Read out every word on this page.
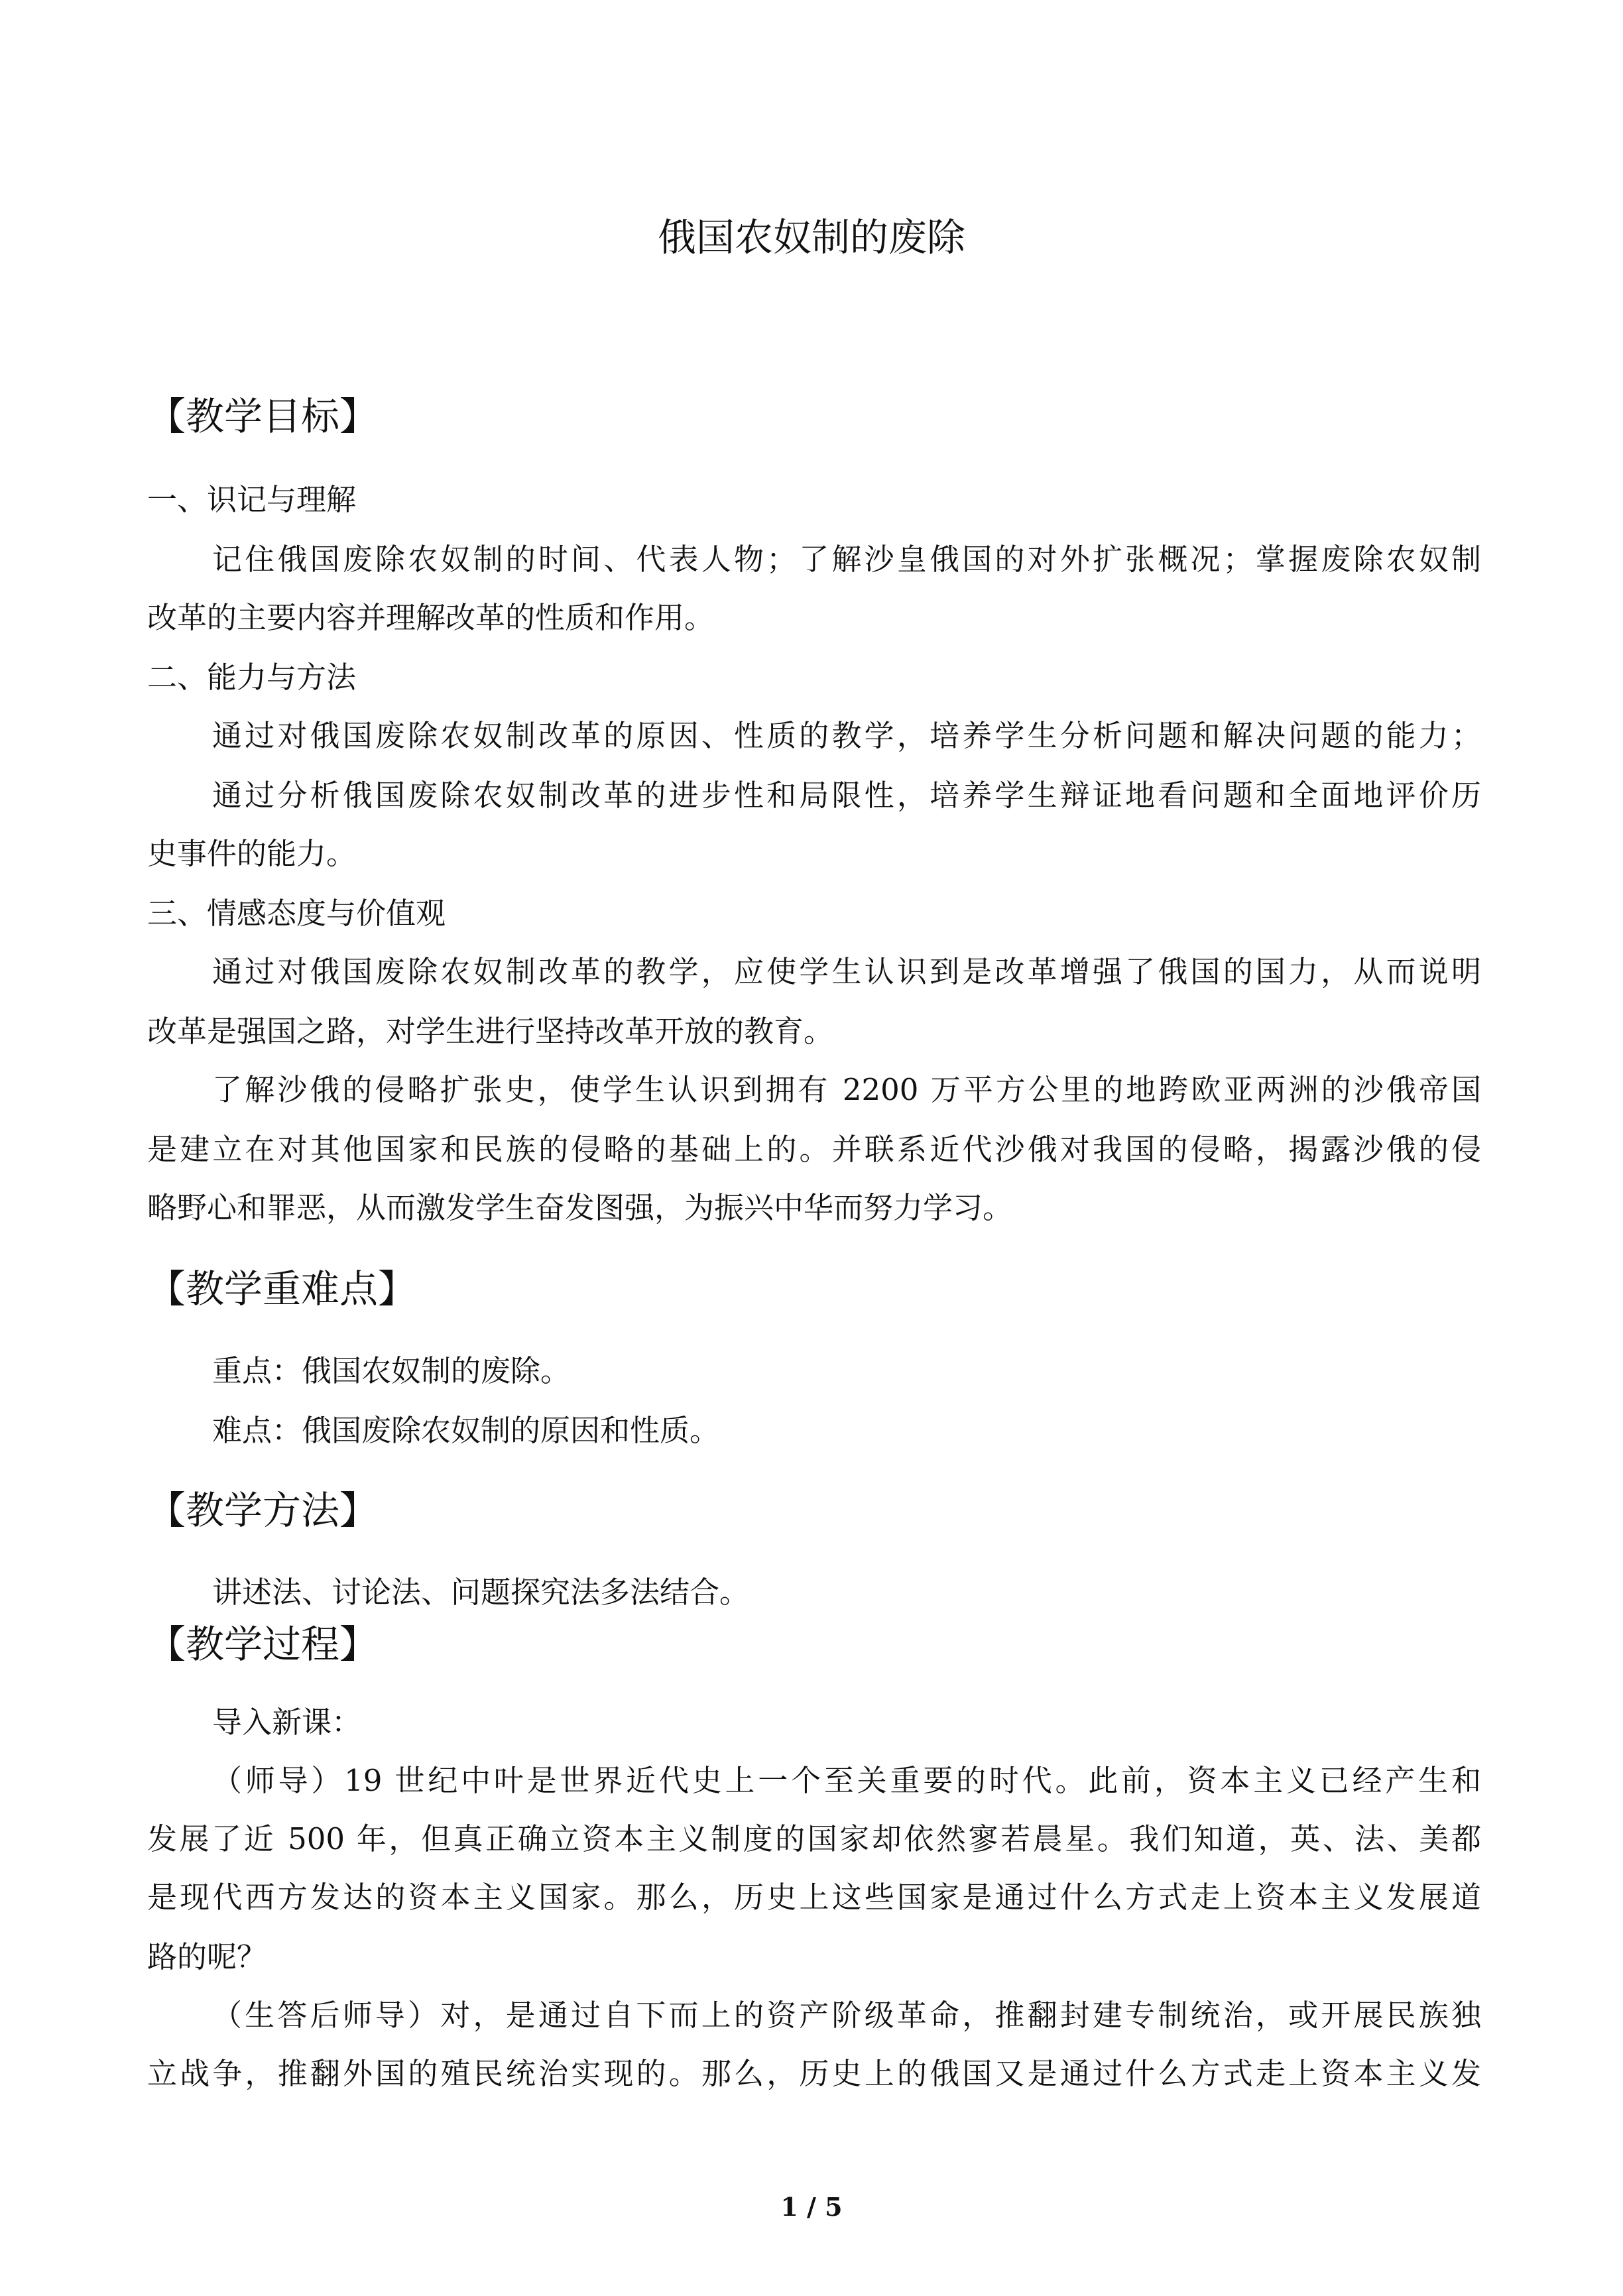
俄国农奴制的废除
【教学目标】

一、识记与理解

记住俄国废除农奴制的时间、代表人物；了解沙皇俄国的对外扩张概况；掌握废除农奴制

改革的主要内容并理解改革的性质和作用。

二、能力与方法

通过对俄国废除农奴制改革的原因、性质的教学，培养学生分析问题和解决问题的能力；

通过分析俄国废除农奴制改革的进步性和局限性，培养学生辩证地看问题和全面地评价历

史事件的能力。

三、情感态度与价值观

通过对俄国废除农奴制改革的教学，应使学生认识到是改革增强了俄国的国力，从而说明

改革是强国之路，对学生进行坚持改革开放的教育。

了解沙俄的侵略扩张史，使学生认识到拥有 2200 万平方公里的地跨欧亚两洲的沙俄帝国

是建立在对其他国家和民族的侵略的基础上的。并联系近代沙俄对我国的侵略，揭露沙俄的侵

略野心和罪恶，从而激发学生奋发图强，为振兴中华而努力学习。

【教学重难点】

重点：俄国农奴制的废除。

难点：俄国废除农奴制的原因和性质。

【教学方法】

讲述法、讨论法、问题探究法多法结合。

【教学过程】

导入新课：

（师导）19 世纪中叶是世界近代史上一个至关重要的时代。此前，资本主义已经产生和

发展了近 500 年，但真正确立资本主义制度的国家却依然寥若晨星。我们知道，英、法、美都

是现代西方发达的资本主义国家。那么，历史上这些国家是通过什么方式走上资本主义发展道

路的呢？

（生答后师导）对，是通过自下而上的资产阶级革命，推翻封建专制统治，或开展民族独

立战争，推翻外国的殖民统治实现的。那么，历史上的俄国又是通过什么方式走上资本主义发

1 / 5
